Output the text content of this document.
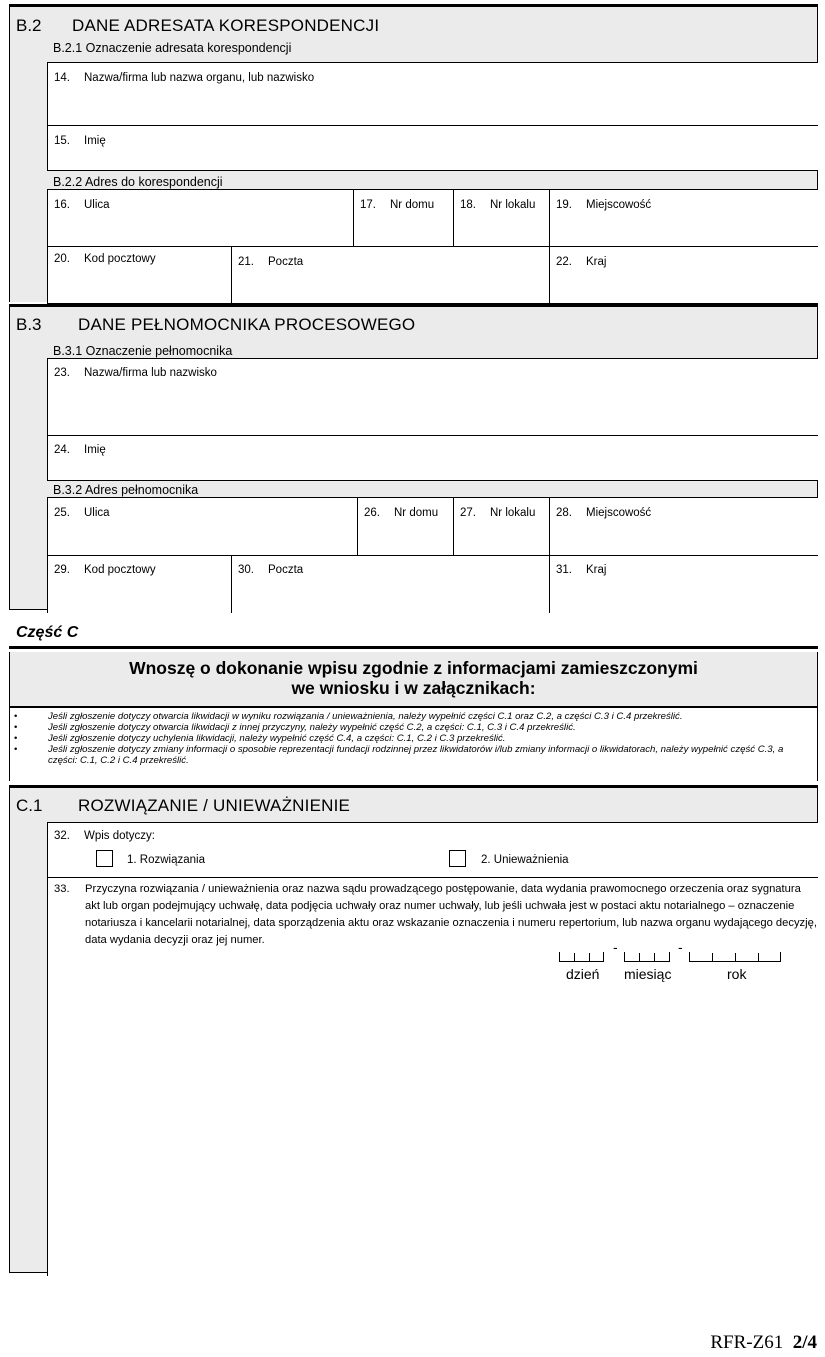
B.2 DANE ADRESATA KORESPONDENCJI
B.2.1 Oznaczenie adresata korespondencji
14. Nazwa/firma lub nazwa organu, lub nazwisko
15. Imię
B.2.2 Adres do korespondencji
16. Ulica	17. Nr domu 18. Nr lokalu 19. Miejscowość
20. Kod pocztowy	21. Poczta	22. Kraj
B.3 DANE PEŁNOMOCNIKA PROCESOWEGO
B.3.1 Oznaczenie pełnomocnika
23. Nazwa/firma lub nazwisko
24. Imię
B.3.2 Adres pełnomocnika
25. Ulica	26. Nr domu 27. Nr lokalu 28. Miejscowość
29. Kod pocztowy	30. Poczta	31. Kraj
Część C
Wnoszę o dokonanie wpisu zgodnie z informacjami zamieszczonymi
we wniosku i w załącznikach:
• Jeśli zgłoszenie dotyczy otwarcia likwidacji w wyniku rozwiązania / unieważnienia, należy wypełnić części C.1 oraz C.2, a części C.3 i C.4 przekreślić.
• Jeśli zgłoszenie dotyczy otwarcia likwidacji z innej przyczyny, należy wypełnić część C.2, a części: C.1, C.3 i C.4 przekreślić.
• Jeśli zgłoszenie dotyczy uchylenia likwidacji, należy wypełnić część C.4, a części: C.1, C.2 i C.3 przekreślić.
• Jeśli zgłoszenie dotyczy zmiany informacji o sposobie reprezentacji fundacji rodzinnej przez likwidatorów i/lub zmiany informacji o likwidatorach, należy wypełnić część C.3, a części: C.1, C.2 i C.4 przekreślić.
C.1 ROZWIĄZANIE / UNIEWAŻNIENIE
32. Wpis dotyczy:
1. Rozwiązania	2. Unieważnienia
33. Przyczyna rozwiązania / unieważnienia oraz nazwa sądu prowadzącego postępowanie, data wydania prawomocnego orzeczenia oraz sygnatura akt lub organ podejmujący uchwałę, data podjęcia uchwały oraz numer uchwały, lub jeśli uchwała jest w postaci aktu notarialnego – oznaczenie notariusza i kancelarii notarialnej, data sporządzenia aktu oraz wskazanie oznaczenia i numeru repertorium, lub nazwa organu wydającego decyzję, data wydania decyzji oraz jej numer.	-	-
dzień miesiąc	rok
RFR-Z61 2/4
